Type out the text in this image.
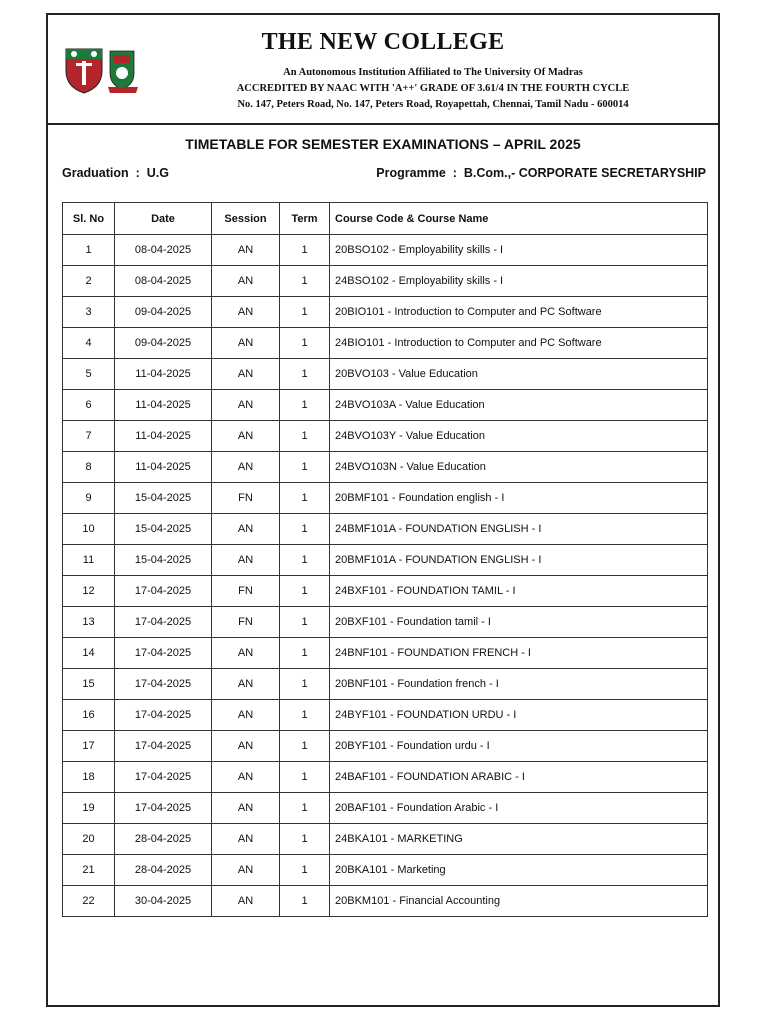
THE NEW COLLEGE
An Autonomous Institution Affiliated to The University Of Madras
ACCREDITED BY NAAC WITH 'A++' GRADE OF 3.61/4 IN THE FOURTH CYCLE
No. 147, Peters Road, No. 147, Peters Road, Royapettah, Chennai, Tamil Nadu - 600014
TIMETABLE FOR SEMESTER EXAMINATIONS – APRIL 2025
Graduation  :  U.G	Programme  :  B.Com.,- CORPORATE SECRETARYSHIP
Sl. No	Date	Session	Term	Course Code & Course Name
1	08-04-2025	AN	1	20BSO102 - Employability skills - I
2	08-04-2025	AN	1	24BSO102 - Employability skills - I
3	09-04-2025	AN	1	20BIO101 - Introduction to Computer and PC Software
4	09-04-2025	AN	1	24BIO101 - Introduction to Computer and PC Software
5	11-04-2025	AN	1	20BVO103 - Value Education
6	11-04-2025	AN	1	24BVO103A - Value Education
7	11-04-2025	AN	1	24BVO103Y - Value Education
8	11-04-2025	AN	1	24BVO103N - Value Education
9	15-04-2025	FN	1	20BMF101 - Foundation english - I
10	15-04-2025	AN	1	24BMF101A - FOUNDATION ENGLISH - I
11	15-04-2025	AN	1	20BMF101A - FOUNDATION ENGLISH - I
12	17-04-2025	FN	1	24BXF101 - FOUNDATION TAMIL - I
13	17-04-2025	FN	1	20BXF101 - Foundation tamil - I
14	17-04-2025	AN	1	24BNF101 - FOUNDATION FRENCH - I
15	17-04-2025	AN	1	20BNF101 - Foundation french - I
16	17-04-2025	AN	1	24BYF101 - FOUNDATION URDU - I
17	17-04-2025	AN	1	20BYF101 - Foundation urdu - I
18	17-04-2025	AN	1	24BAF101 - FOUNDATION ARABIC - I
19	17-04-2025	AN	1	20BAF101 - Foundation Arabic - I
20	28-04-2025	AN	1	24BKA101 - MARKETING
21	28-04-2025	AN	1	20BKA101 - Marketing
22	30-04-2025	AN	1	20BKM101 - Financial Accounting
